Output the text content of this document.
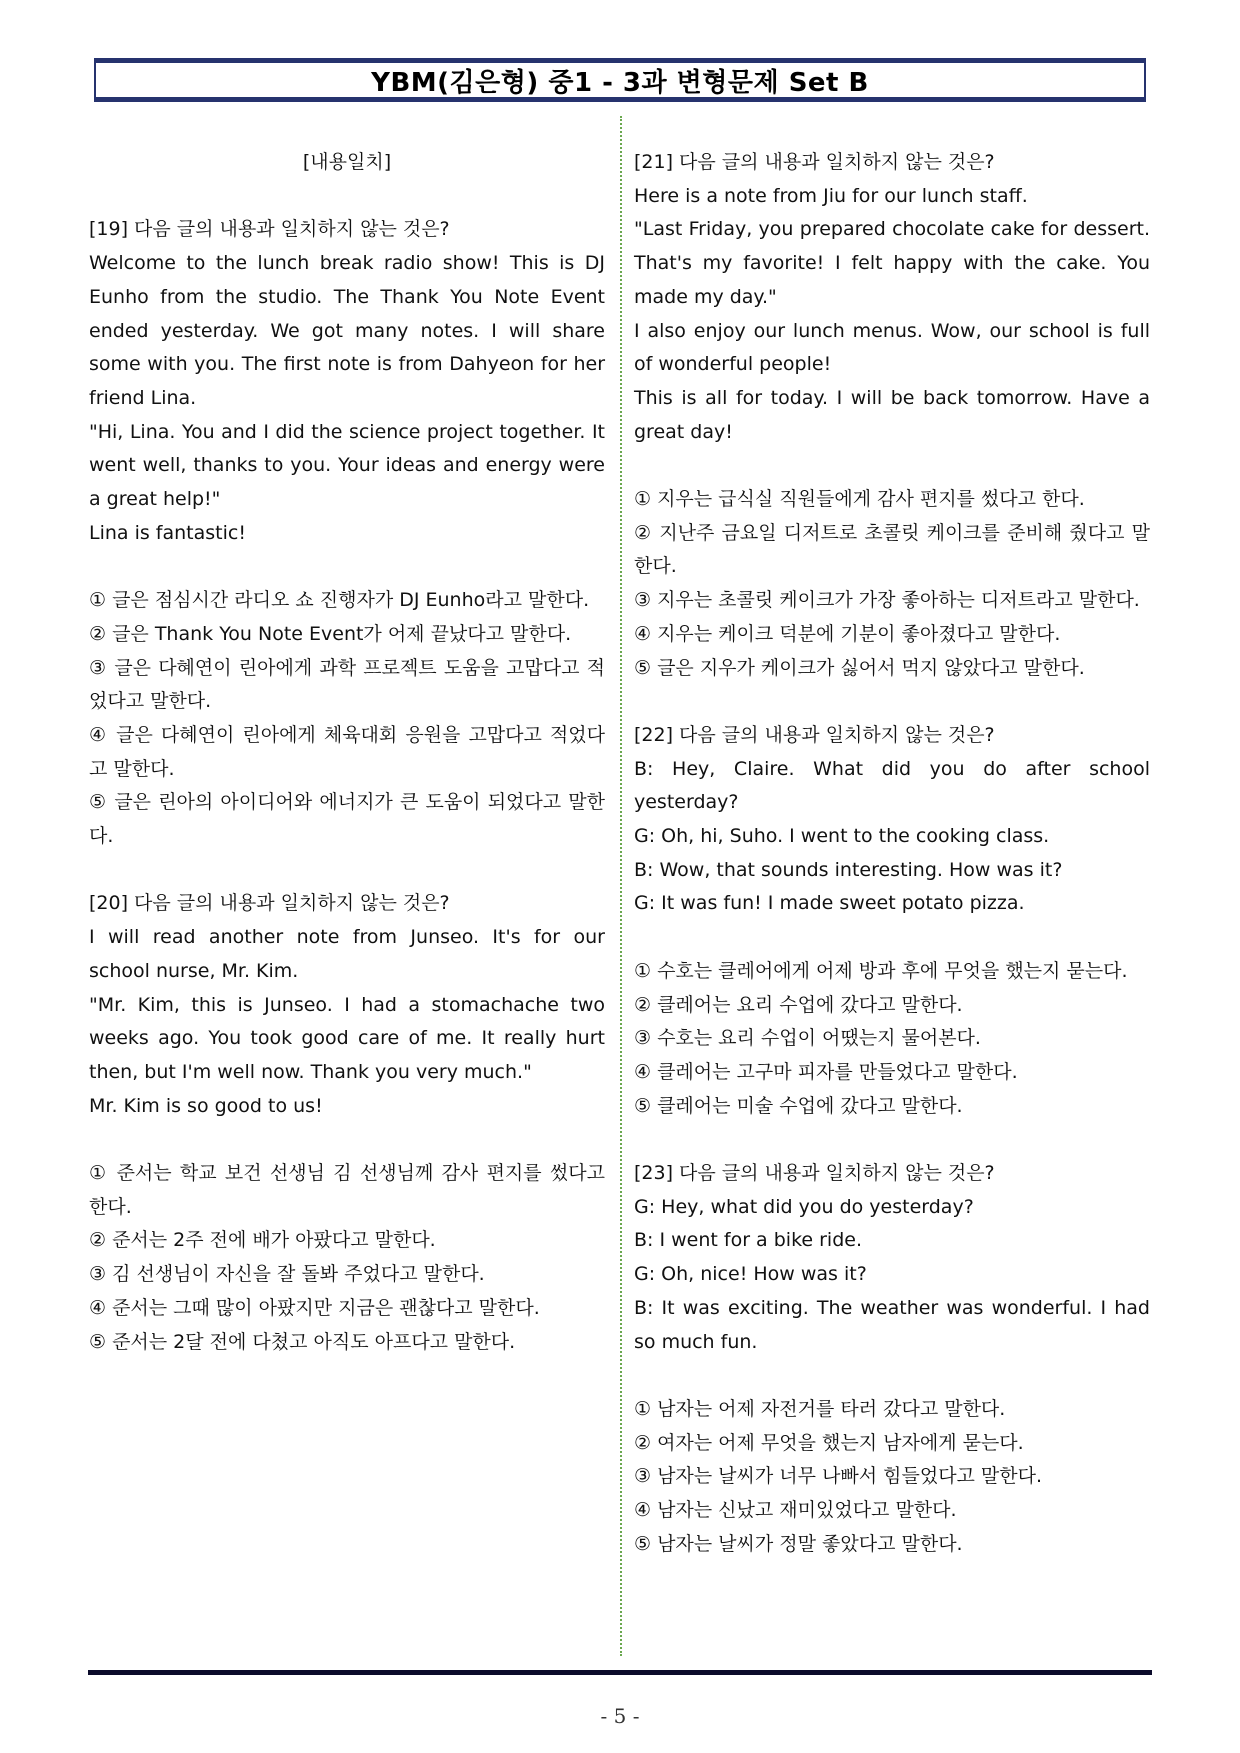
YBM(김은형) 중1 - 3과 변형문제 Set B

[내용일치]

[19] 다음 글의 내용과 일치하지 않는 것은?

Welcome to the lunch break radio show! This is DJ Eunho from the studio. The Thank You Note Event ended yesterday. We got many notes. I will share some with you. The first note is from Dahyeon for her friend Lina.

"Hi, Lina. You and I did the science project together. It went well, thanks to you. Your ideas and energy were a great help!"

Lina is fantastic!

① 글은 점심시간 라디오 쇼 진행자가 DJ Eunho라고 말한다.

② 글은 Thank You Note Event가 어제 끝났다고 말한다.

③ 글은 다혜연이 린아에게 과학 프로젝트 도움을 고맙다고 적었다고 말한다.

④ 글은 다혜연이 린아에게 체육대회 응원을 고맙다고 적었다고 말한다.

⑤ 글은 린아의 아이디어와 에너지가 큰 도움이 되었다고 말한다.

[20] 다음 글의 내용과 일치하지 않는 것은?

I will read another note from Junseo. It's for our school nurse, Mr. Kim.

"Mr. Kim, this is Junseo. I had a stomachache two weeks ago. You took good care of me. It really hurt then, but I'm well now. Thank you very much."

Mr. Kim is so good to us!

① 준서는 학교 보건 선생님 김 선생님께 감사 편지를 썼다고 한다.

② 준서는 2주 전에 배가 아팠다고 말한다.

③ 김 선생님이 자신을 잘 돌봐 주었다고 말한다.

④ 준서는 그때 많이 아팠지만 지금은 괜찮다고 말한다.

⑤ 준서는 2달 전에 다쳤고 아직도 아프다고 말한다.

[21] 다음 글의 내용과 일치하지 않는 것은?

Here is a note from Jiu for our lunch staff.

"Last Friday, you prepared chocolate cake for dessert. That's my favorite! I felt happy with the cake. You made my day."

I also enjoy our lunch menus. Wow, our school is full of wonderful people!

This is all for today. I will be back tomorrow. Have a great day!

① 지우는 급식실 직원들에게 감사 편지를 썼다고 한다.

② 지난주 금요일 디저트로 초콜릿 케이크를 준비해 줬다고 말한다.

③ 지우는 초콜릿 케이크가 가장 좋아하는 디저트라고 말한다.

④ 지우는 케이크 덕분에 기분이 좋아졌다고 말한다.

⑤ 글은 지우가 케이크가 싫어서 먹지 않았다고 말한다.

[22] 다음 글의 내용과 일치하지 않는 것은?

B: Hey, Claire. What did you do after school yesterday?

G: Oh, hi, Suho. I went to the cooking class.

B: Wow, that sounds interesting. How was it?

G: It was fun! I made sweet potato pizza.

① 수호는 클레어에게 어제 방과 후에 무엇을 했는지 묻는다.

② 클레어는 요리 수업에 갔다고 말한다.

③ 수호는 요리 수업이 어땠는지 물어본다.

④ 클레어는 고구마 피자를 만들었다고 말한다.

⑤ 클레어는 미술 수업에 갔다고 말한다.

[23] 다음 글의 내용과 일치하지 않는 것은?

G: Hey, what did you do yesterday?

B: I went for a bike ride.

G: Oh, nice! How was it?

B: It was exciting. The weather was wonderful. I had so much fun.

① 남자는 어제 자전거를 타러 갔다고 말한다.

② 여자는 어제 무엇을 했는지 남자에게 묻는다.

③ 남자는 날씨가 너무 나빠서 힘들었다고 말한다.

④ 남자는 신났고 재미있었다고 말한다.

⑤ 남자는 날씨가 정말 좋았다고 말한다.

- 5 -
